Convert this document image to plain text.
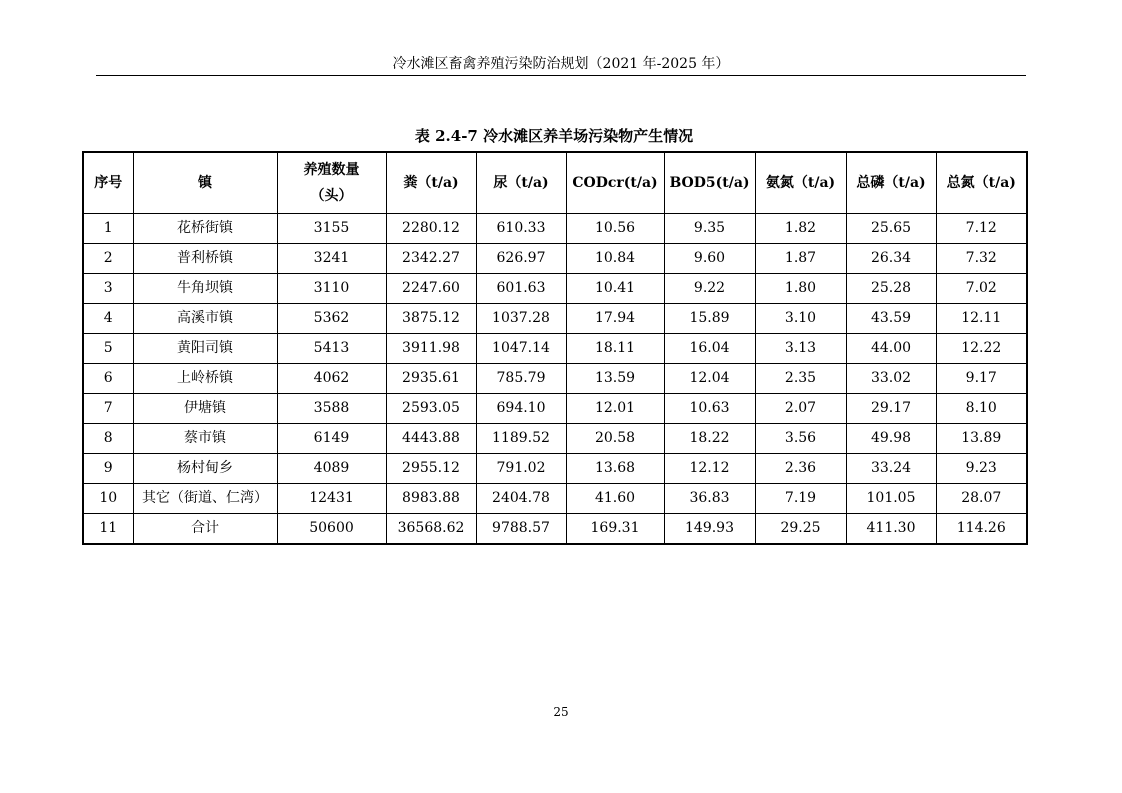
冷水滩区畜禽养殖污染防治规划（2021 年-2025 年）
表 2.4-7 冷水滩区养羊场污染物产生情况
序号	镇	养殖数量（头）	粪（t/a)	尿（t/a)	CODcr(t/a)	BOD5(t/a)	氨氮（t/a)	总磷（t/a)	总氮（t/a)
1	花桥街镇	3155	2280.12	610.33	10.56	9.35	1.82	25.65	7.12
2	普利桥镇	3241	2342.27	626.97	10.84	9.60	1.87	26.34	7.32
3	牛角坝镇	3110	2247.60	601.63	10.41	9.22	1.80	25.28	7.02
4	高溪市镇	5362	3875.12	1037.28	17.94	15.89	3.10	43.59	12.11
5	黄阳司镇	5413	3911.98	1047.14	18.11	16.04	3.13	44.00	12.22
6	上岭桥镇	4062	2935.61	785.79	13.59	12.04	2.35	33.02	9.17
7	伊塘镇	3588	2593.05	694.10	12.01	10.63	2.07	29.17	8.10
8	蔡市镇	6149	4443.88	1189.52	20.58	18.22	3.56	49.98	13.89
9	杨村甸乡	4089	2955.12	791.02	13.68	12.12	2.36	33.24	9.23
10	其它（街道、仁湾）	12431	8983.88	2404.78	41.60	36.83	7.19	101.05	28.07
11	合计	50600	36568.62	9788.57	169.31	149.93	29.25	411.30	114.26
25
